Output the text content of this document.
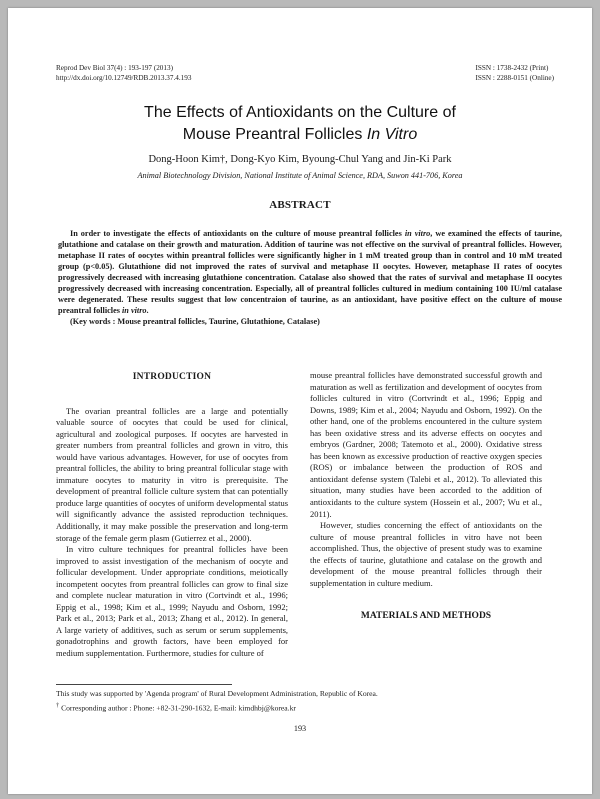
Reprod Dev Biol 37(4) : 193-197 (2013)
http://dx.doi.org/10.12749/RDB.2013.37.4.193
ISSN : 1738-2432 (Print)
ISSN : 2288-0151 (Online)
The Effects of Antioxidants on the Culture of
Mouse Preantral Follicles In Vitro
Dong-Hoon Kim†, Dong-Kyo Kim, Byoung-Chul Yang and Jin-Ki Park
Animal Biotechnology Division, National Institute of Animal Science, RDA, Suwon 441-706, Korea
ABSTRACT

In order to investigate the effects of antioxidants on the culture of mouse preantral follicles in vitro, we examined the effects of taurine, glutathione and catalase on their growth and maturation. Addition of taurine was not effective on the survival of preantral follicles. However, metaphase II rates of oocytes within preantral follicles were significantly higher in 1 mM treated group than in control and 10 mM treated group (p<0.05). Glutathione did not improved the rates of survival and metaphase II oocytes. However, metaphase II rates of oocytes progressively decreased with increasing glutathione concentration. Catalase also showed that the rates of survival and metaphase II oocytes progressively decreased with increasing concentration. Especially, all of preantral follicles cultured in medium containing 100 IU/ml catalase were degenerated. These results suggest that low concentraion of taurine, as an antioxidant, have positive effect on the culture of mouse preantral follicles in vitro.

(Key words : Mouse preantral follicles, Taurine, Glutathione, Catalase)

INTRODUCTION

The ovarian preantral follicles are a large and potentially valuable source of oocytes that could be used for clinical, agricultural and zoological purposes. If oocytes are harvested in greater numbers from preantral follicles and grown in vitro, this would have various advantages. However, for use of oocytes from preantral follicles, the ability to bring preantral follicular stage with immature oocytes to maturity in vitro is prerequisite. The development of preantral follicle culture system that can potentially produce large quantities of oocytes of uniform developmental status will significantly advance the assisted reproduction techniques. Additionally, it may make possible the preservation and long-term storage of the female germ plasm (Gutierrez et al., 2000).

In vitro culture techniques for preantral follicles have been improved to assist investigation of the mechanism of oocyte and follicular development. Under appropriate conditions, meiotically incompetent oocytes from preantral follicles can grow to final size and complete nuclear maturation in vitro (Cortvindt et al., 1996; Eppig et al., 1998; Kim et al., 1999; Nayudu and Osborn, 1992; Park et al., 2013; Park et al., 2013; Zhang et al., 2012). In general, A large variety of additives, such as serum or serum supplements, gonadotrophins and growth factors, have been employed for medium supplementation. Furthermore, studies for culture of

mouse preantral follicles have demonstrated successful growth and maturation as well as fertilization and development of oocytes from follicles cultured in vitro (Cortvrindt et al., 1996; Eppig and Downs, 1989; Kim et al., 2004; Nayudu and Osborn, 1992). On the other hand, one of the problems encountered in the culture system has been oxidative stress and its adverse effects on oocytes and embryos (Gardner, 2008; Tatemoto et al., 2000). Oxidative stress has been known as excessive production of reactive oxygen species (ROS) or imbalance between the production of ROS and antioxidant defense system (Talebi et al., 2012). To alleviated this situation, many studies have been accorded to the addition of antioxidants to the culture system (Hossein et al., 2007; Wu et al., 2011).

However, studies concerning the effect of antioxidants on the culture of mouse preantral follicles in vitro have not been accomplished. Thus, the objective of present study was to examine the effects of taurine, glutathione and catalase on the growth and development of the mouse preantral follicles through their supplementation in culture medium.

MATERIALS AND METHODS
This study was supported by 'Agenda program' of Rural Development Administration, Republic of Korea.
† Corresponding author : Phone: +82-31-290-1632, E-mail: kimdhbj@korea.kr
193
